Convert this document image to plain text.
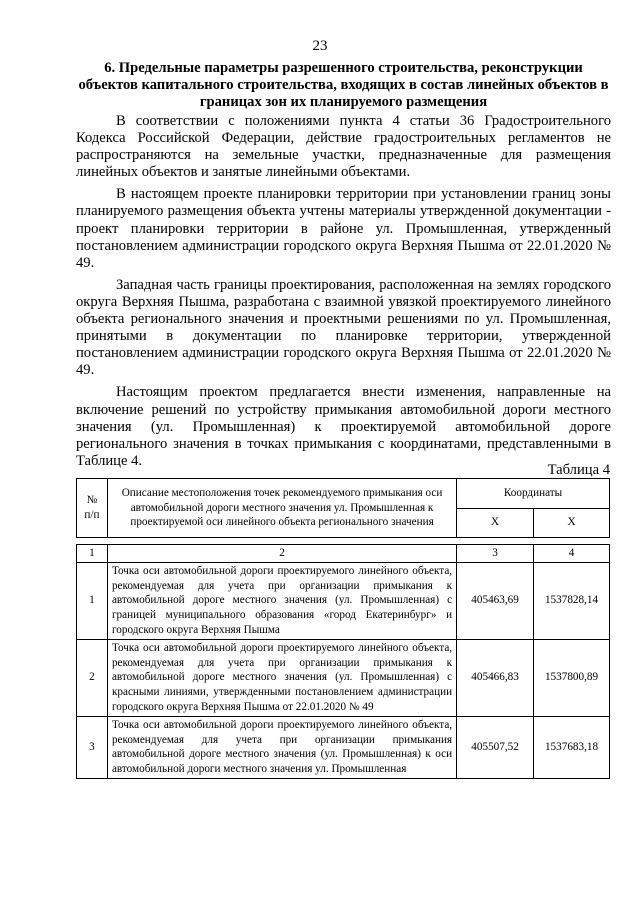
23
6. Предельные параметры разрешенного строительства, реконструкции объектов капитального строительства, входящих в состав линейных объектов в границах зон их планируемого размещения

В соответствии с положениями пункта 4 статьи 36 Градостроительного Кодекса Российской Федерации, действие градостроительных регламентов не распространяются на земельные участки, предназначенные для размещения линейных объектов и занятые линейными объектами.

В настоящем проекте планировки территории при установлении границ зоны планируемого размещения объекта учтены материалы утвержденной документации - проект планировки территории в районе ул. Промышленная, утвержденный постановлением администрации городского округа Верхняя Пышма от 22.01.2020 № 49.

Западная часть границы проектирования, расположенная на землях городского округа Верхняя Пышма, разработана с взаимной увязкой проектируемого линейного объекта регионального значения и проектными решениями по ул. Промышленная, принятыми в документации по планировке территории, утвержденной постановлением администрации городского округа Верхняя Пышма от 22.01.2020 № 49.

Настоящим проектом предлагается внести изменения, направленные на включение решений по устройству примыкания автомобильной дороги местного значения (ул. Промышленная) к проектируемой автомобильной дороге регионального значения в точках примыкания с координатами, представленными в Таблице 4.

Таблица 4
№ п/п	Описание местоположения точек рекомендуемого примыкания оси автомобильной дороги местного значения ул. Промышленная к проектируемой оси линейного объекта регионального значения	Координаты	
		X	X

1	2	3	4
1	Точка оси автомобильной дороги проектируемого линейного объекта, рекомендуемая для учета при организации примыкания к автомобильной дороге местного значения (ул. Промышленная) с границей муниципального образования «город Екатеринбург» и городского округа Верхняя Пышма	405463,69	1537828,14
2	Точка оси автомобильной дороги проектируемого линейного объекта, рекомендуемая для учета при организации примыкания к автомобильной дороге местного значения (ул. Промышленная) с красными линиями, утвержденными постановлением администрации городского округа Верхняя Пышма от 22.01.2020 № 49	405466,83	1537800,89
3	Точка оси автомобильной дороги проектируемого линейного объекта, рекомендуемая для учета при организации примыкания автомобильной дороге местного значения (ул. Промышленная) к оси автомобильной дороги местного значения ул. Промышленная	405507,52	1537683,18
